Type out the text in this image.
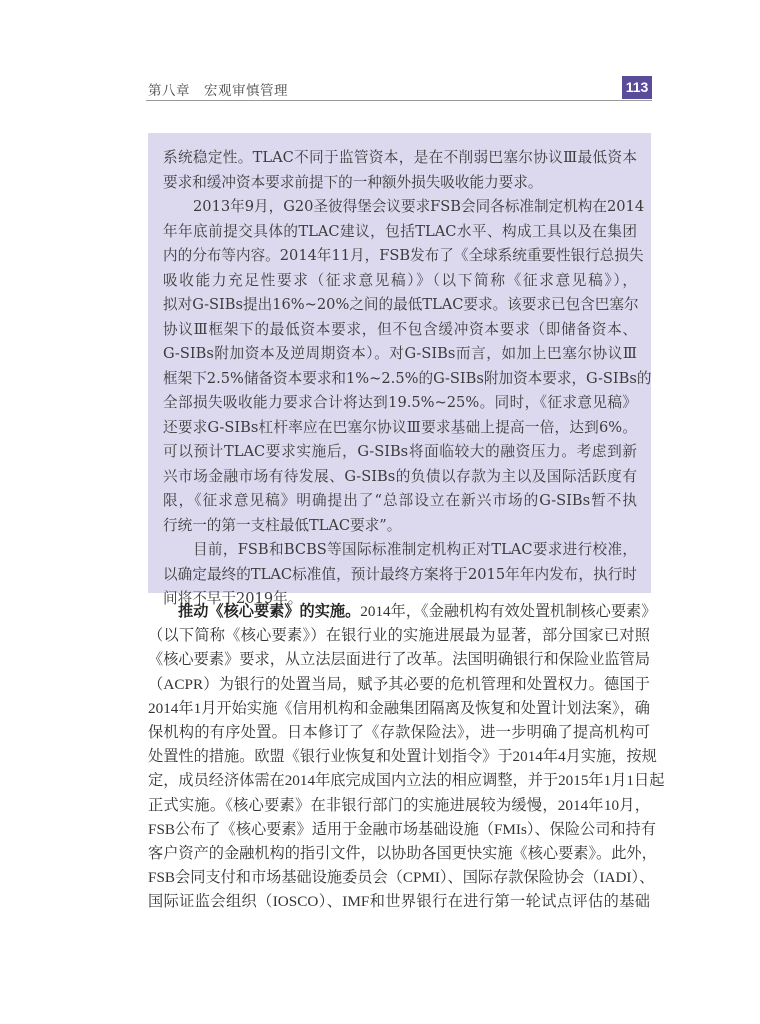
第八章　宏观审慎管理	113
系统稳定性。TLAC不同于监管资本，是在不削弱巴塞尔协议Ⅲ最低资本
要求和缓冲资本要求前提下的一种额外损失吸收能力要求。
2013年9月，G20圣彼得堡会议要求FSB会同各标准制定机构在2014
年年底前提交具体的TLAC建议，包括TLAC水平、构成工具以及在集团
内的分布等内容。2014年11月，FSB发布了《全球系统重要性银行总损失
吸收能力充足性要求（征求意见稿）》（以下简称《征求意见稿》），
拟对G-SIBs提出16%~20%之间的最低TLAC要求。该要求已包含巴塞尔
协议Ⅲ框架下的最低资本要求，但不包含缓冲资本要求（即储备资本、
G-SIBs附加资本及逆周期资本）。对G-SIBs而言，如加上巴塞尔协议Ⅲ
框架下2.5%储备资本要求和1%~2.5%的G-SIBs附加资本要求，G-SIBs的
全部损失吸收能力要求合计将达到19.5%~25%。同时，《征求意见稿》
还要求G-SIBs杠杆率应在巴塞尔协议Ⅲ要求基础上提高一倍，达到6%。
可以预计TLAC要求实施后，G-SIBs将面临较大的融资压力。考虑到新
兴市场金融市场有待发展、G-SIBs的负债以存款为主以及国际活跃度有
限，《征求意见稿》明确提出了“总部设立在新兴市场的G-SIBs暂不执
行统一的第一支柱最低TLAC要求”。
目前，FSB和BCBS等国际标准制定机构正对TLAC要求进行校准，
以确定最终的TLAC标准值，预计最终方案将于2015年年内发布，执行时
间将不早于2019年。
推动《核心要素》的实施。2014年，《金融机构有效处置机制核心要素》
（以下简称《核心要素》）在银行业的实施进展最为显著，部分国家已对照
《核心要素》要求，从立法层面进行了改革。法国明确银行和保险业监管局
（ACPR）为银行的处置当局，赋予其必要的危机管理和处置权力。德国于
2014年1月开始实施《信用机构和金融集团隔离及恢复和处置计划法案》，确
保机构的有序处置。日本修订了《存款保险法》，进一步明确了提高机构可
处置性的措施。欧盟《银行业恢复和处置计划指令》于2014年4月实施，按规
定，成员经济体需在2014年底完成国内立法的相应调整，并于2015年1月1日起
正式实施。《核心要素》在非银行部门的实施进展较为缓慢，2014年10月，
FSB公布了《核心要素》适用于金融市场基础设施（FMIs）、保险公司和持有
客户资产的金融机构的指引文件，以协助各国更快实施《核心要素》。此外，
FSB会同支付和市场基础设施委员会（CPMI）、国际存款保险协会（IADI）、
国际证监会组织（IOSCO）、IMF和世界银行在进行第一轮试点评估的基础
